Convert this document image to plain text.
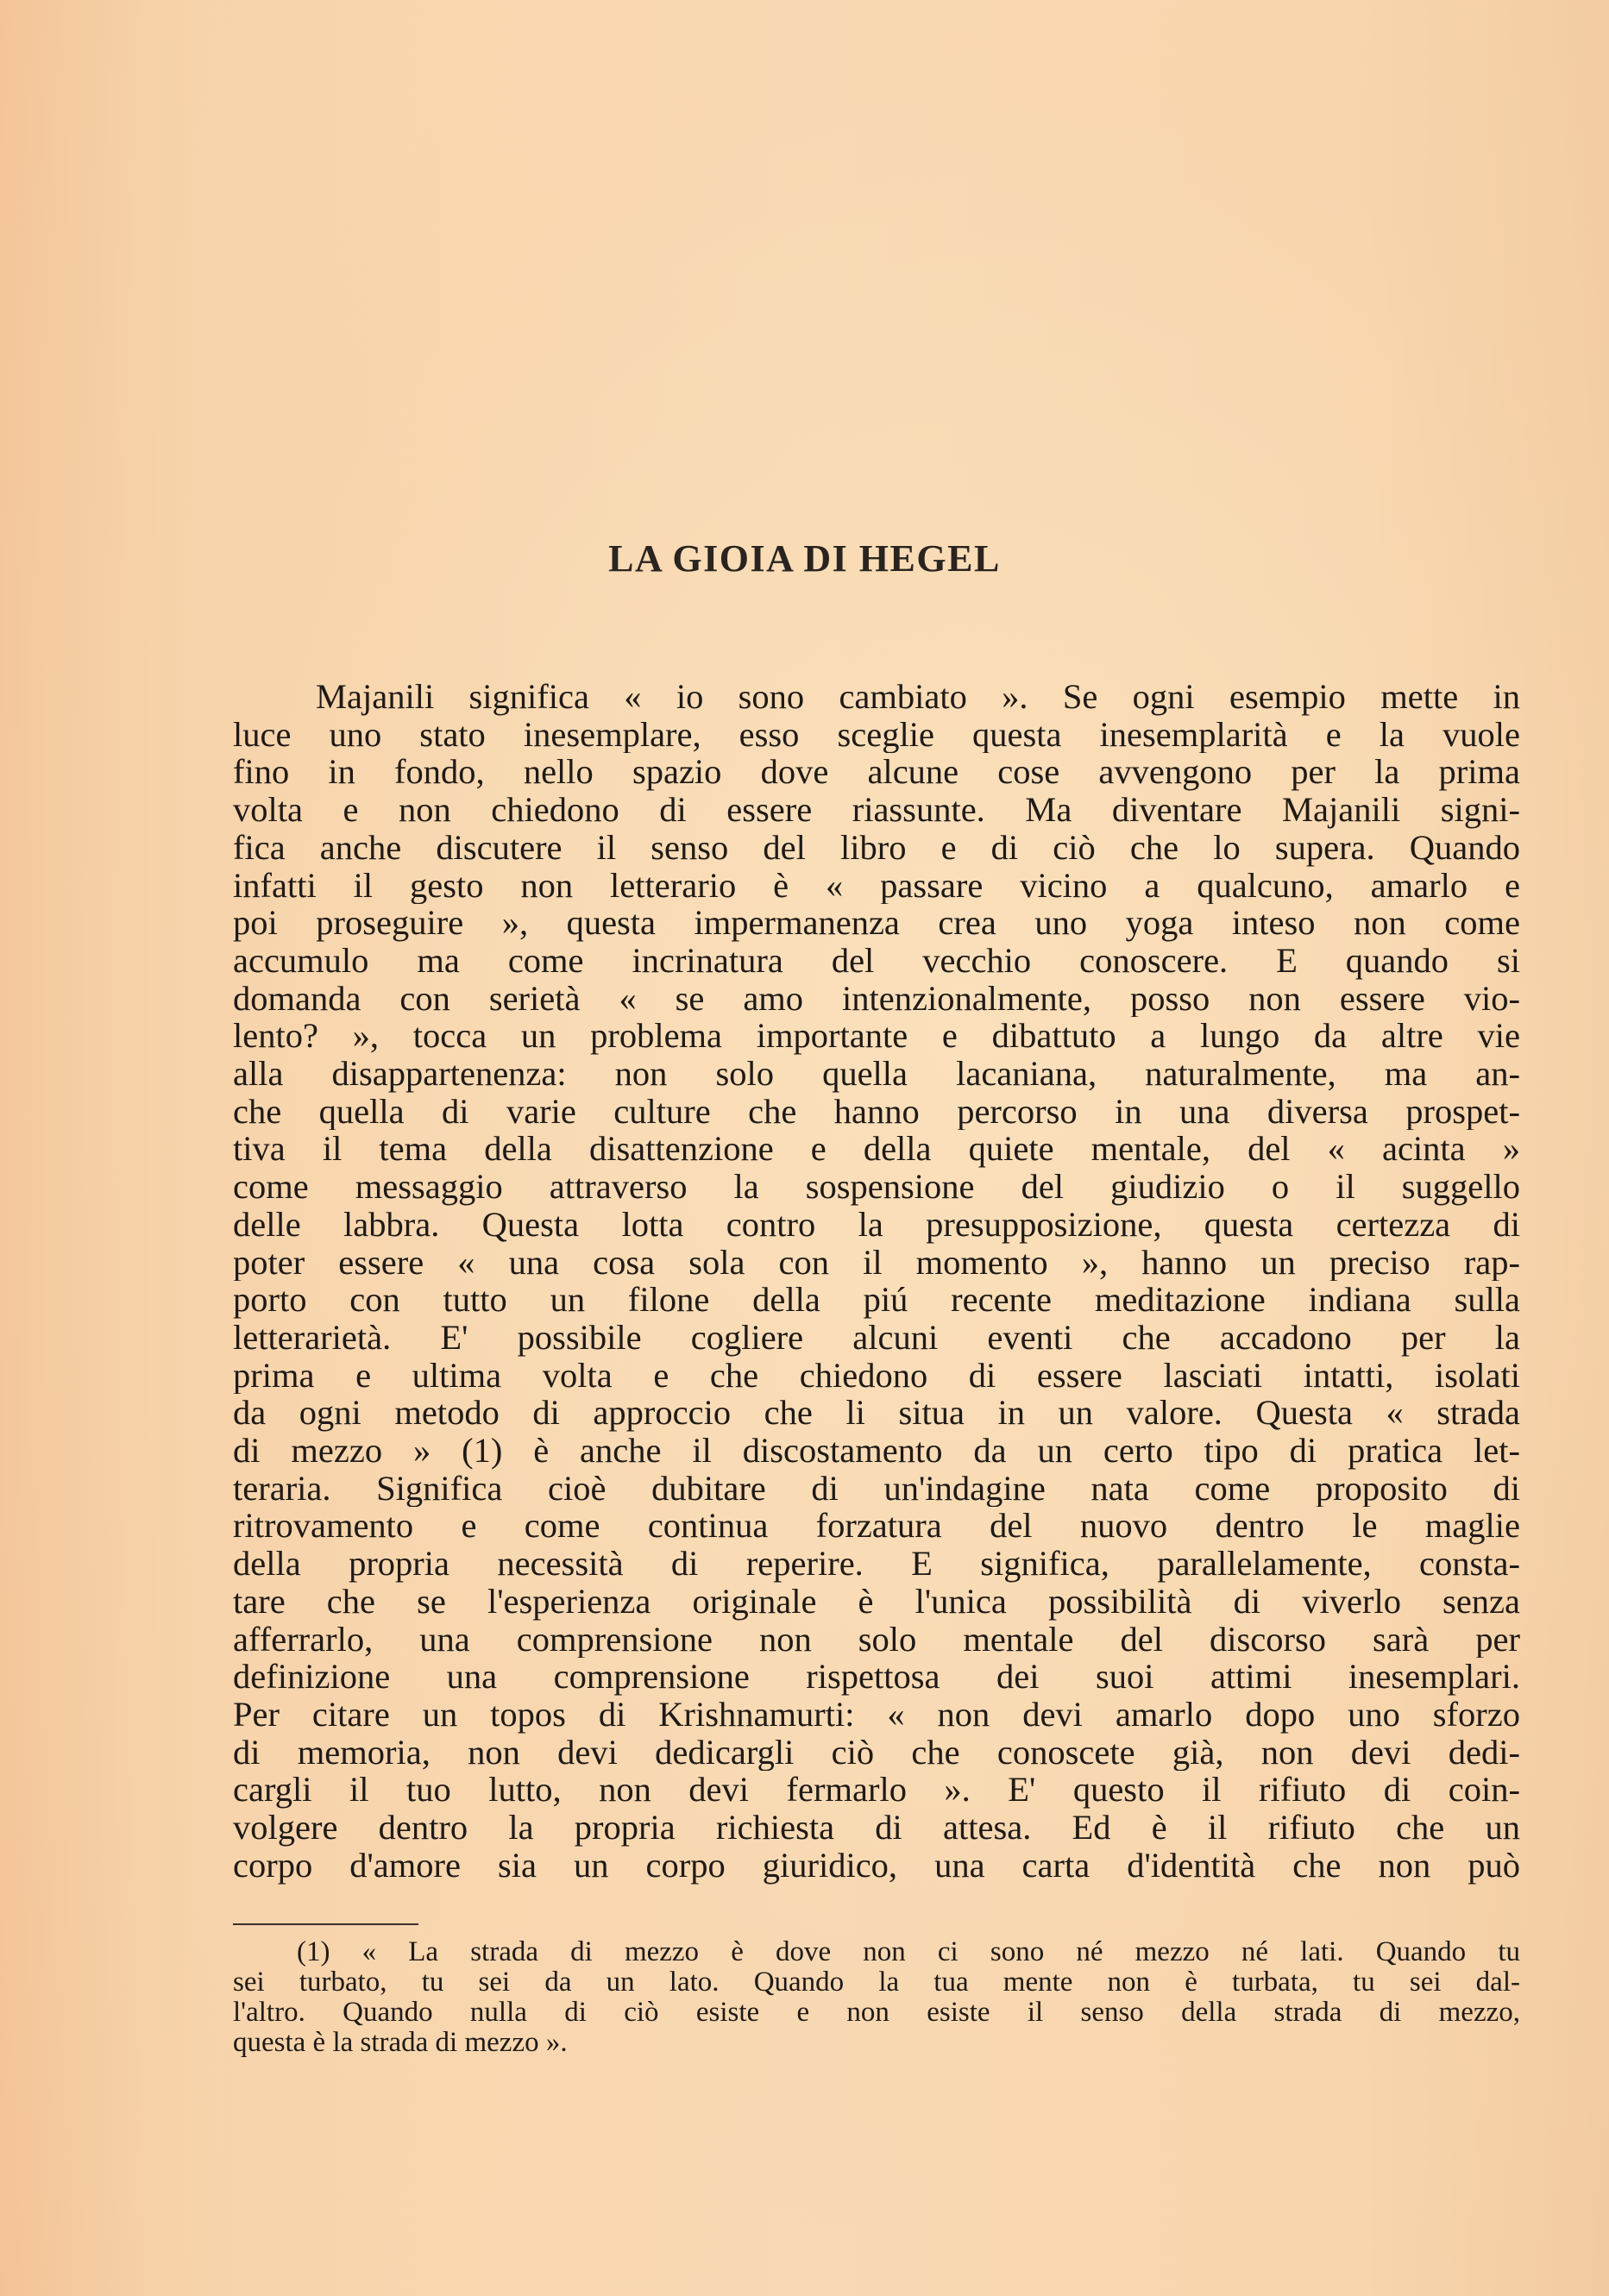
LA GIOIA DI HEGEL
Majanili significa « io sono cambiato ». Se ogni esempio mette in
luce uno stato inesemplare, esso sceglie questa inesemplarità e la vuole
fino in fondo, nello spazio dove alcune cose avvengono per la prima
volta e non chiedono di essere riassunte. Ma diventare Majanili signi-
fica anche discutere il senso del libro e di ciò che lo supera. Quando
infatti il gesto non letterario è « passare vicino a qualcuno, amarlo e
poi proseguire », questa impermanenza crea uno yoga inteso non come
accumulo ma come incrinatura del vecchio conoscere. E quando si
domanda con serietà « se amo intenzionalmente, posso non essere vio-
lento? », tocca un problema importante e dibattuto a lungo da altre vie
alla disappartenenza: non solo quella lacaniana, naturalmente, ma an-
che quella di varie culture che hanno percorso in una diversa prospet-
tiva il tema della disattenzione e della quiete mentale, del « acinta »
come messaggio attraverso la sospensione del giudizio o il suggello
delle labbra. Questa lotta contro la presupposizione, questa certezza di
poter essere « una cosa sola con il momento », hanno un preciso rap-
porto con tutto un filone della piú recente meditazione indiana sulla
letterarietà. E' possibile cogliere alcuni eventi che accadono per la
prima e ultima volta e che chiedono di essere lasciati intatti, isolati
da ogni metodo di approccio che li situa in un valore. Questa « strada
di mezzo » (1) è anche il discostamento da un certo tipo di pratica let-
teraria. Significa cioè dubitare di un'indagine nata come proposito di
ritrovamento e come continua forzatura del nuovo dentro le maglie
della propria necessità di reperire. E significa, parallelamente, consta-
tare che se l'esperienza originale è l'unica possibilità di viverlo senza
afferrarlo, una comprensione non solo mentale del discorso sarà per
definizione una comprensione rispettosa dei suoi attimi inesemplari.
Per citare un topos di Krishnamurti: « non devi amarlo dopo uno sforzo
di memoria, non devi dedicargli ciò che conoscete già, non devi dedi-
cargli il tuo lutto, non devi fermarlo ». E' questo il rifiuto di coin-
volgere dentro la propria richiesta di attesa. Ed è il rifiuto che un
corpo d'amore sia un corpo giuridico, una carta d'identità che non può
(1) « La strada di mezzo è dove non ci sono né mezzo né lati. Quando tu
sei turbato, tu sei da un lato. Quando la tua mente non è turbata, tu sei dal-
l'altro. Quando nulla di ciò esiste e non esiste il senso della strada di mezzo,
questa è la strada di mezzo ».
